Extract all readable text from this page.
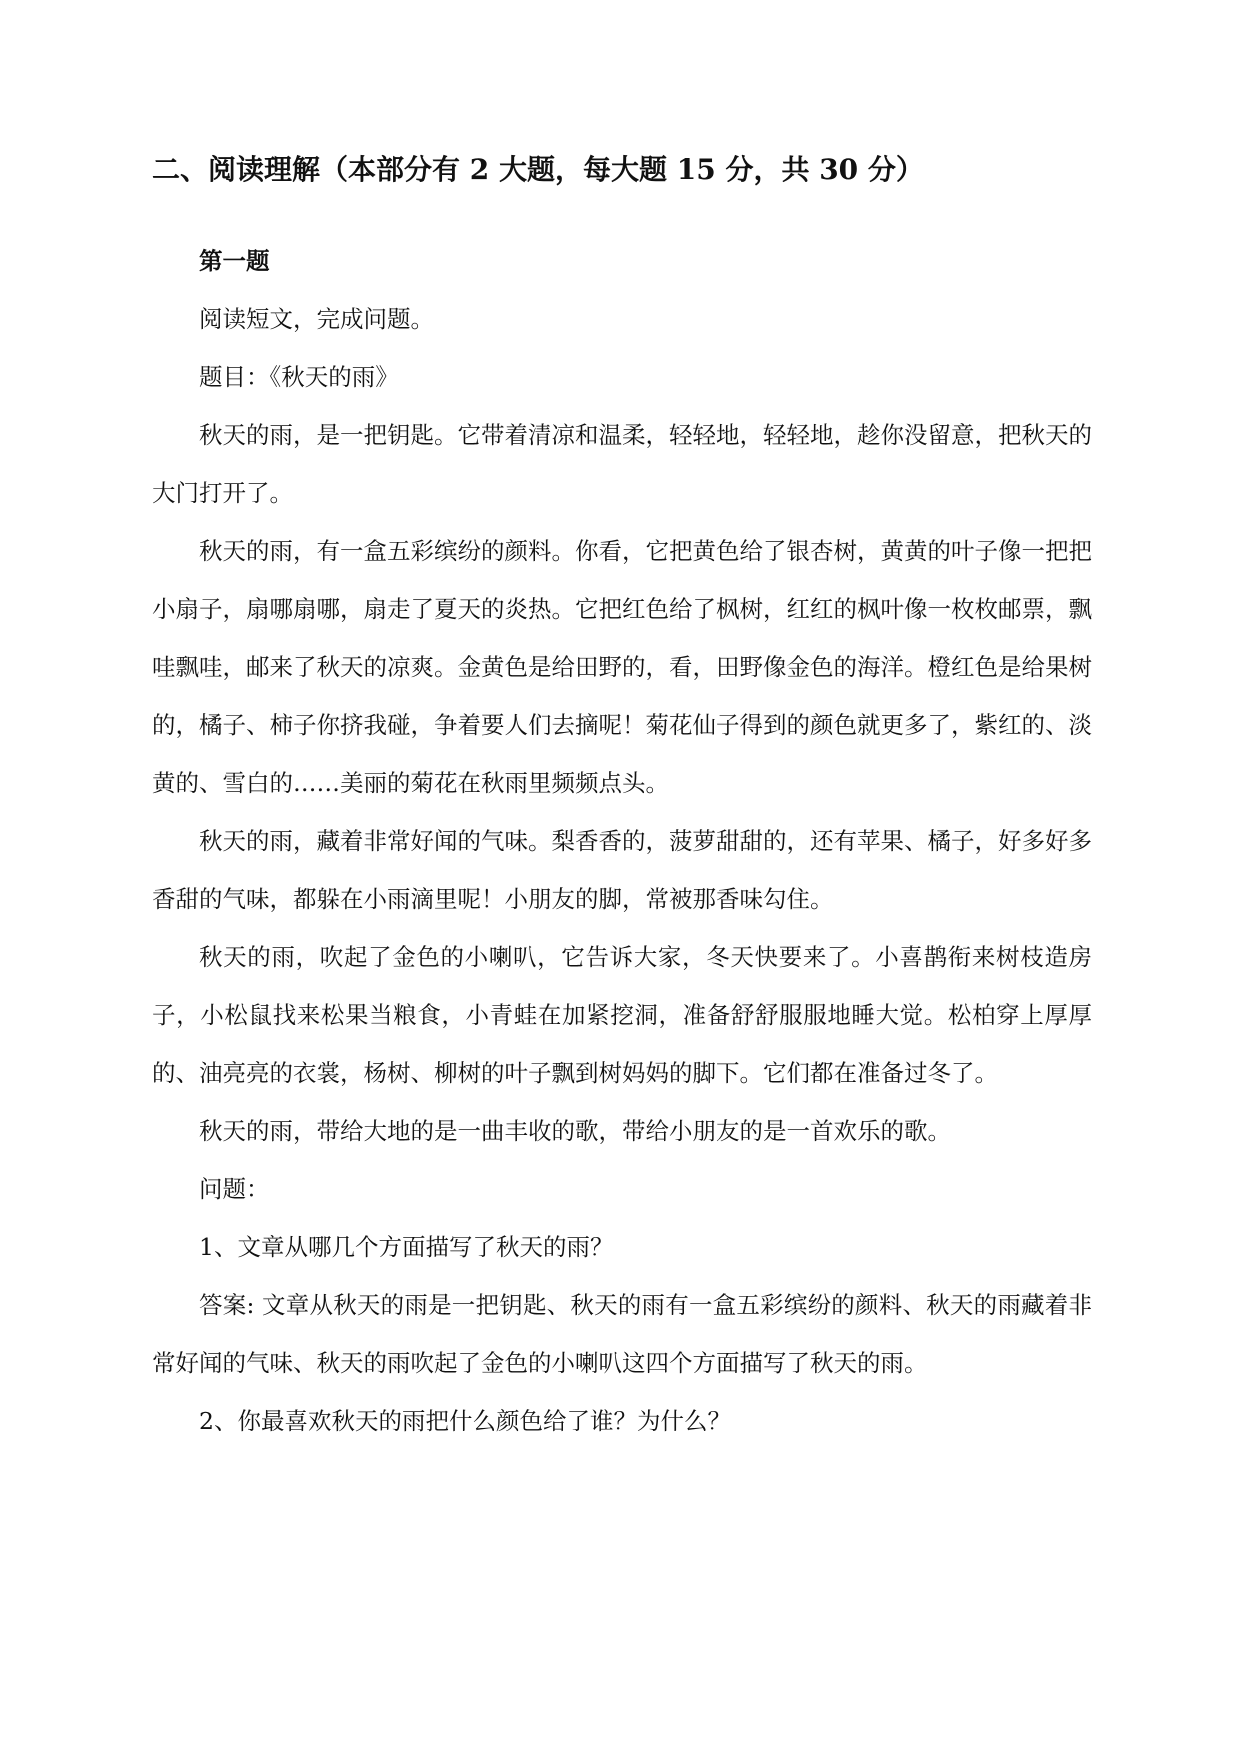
二、阅读理解（本部分有 2 大题，每大题 15 分，共 30 分）

第一题

阅读短文，完成问题。

题目：《秋天的雨》

秋天的雨，是一把钥匙。它带着清凉和温柔，轻轻地，轻轻地，趁你没留意，把秋天的大门打开了。

秋天的雨，有一盒五彩缤纷的颜料。你看，它把黄色给了银杏树，黄黄的叶子像一把把小扇子，扇哪扇哪，扇走了夏天的炎热。它把红色给了枫树，红红的枫叶像一枚枚邮票，飘哇飘哇，邮来了秋天的凉爽。金黄色是给田野的，看，田野像金色的海洋。橙红色是给果树的，橘子、柿子你挤我碰，争着要人们去摘呢！菊花仙子得到的颜色就更多了，紫红的、淡黄的、雪白的……美丽的菊花在秋雨里频频点头。

秋天的雨，藏着非常好闻的气味。梨香香的，菠萝甜甜的，还有苹果、橘子，好多好多香甜的气味，都躲在小雨滴里呢！小朋友的脚，常被那香味勾住。

秋天的雨，吹起了金色的小喇叭，它告诉大家，冬天快要来了。小喜鹊衔来树枝造房子，小松鼠找来松果当粮食，小青蛙在加紧挖洞，准备舒舒服服地睡大觉。松柏穿上厚厚的、油亮亮的衣裳，杨树、柳树的叶子飘到树妈妈的脚下。它们都在准备过冬了。

秋天的雨，带给大地的是一曲丰收的歌，带给小朋友的是一首欢乐的歌。

问题：

1、文章从哪几个方面描写了秋天的雨？

答案: 文章从秋天的雨是一把钥匙、秋天的雨有一盒五彩缤纷的颜料、秋天的雨藏着非常好闻的气味、秋天的雨吹起了金色的小喇叭这四个方面描写了秋天的雨。

2、你最喜欢秋天的雨把什么颜色给了谁？为什么？
